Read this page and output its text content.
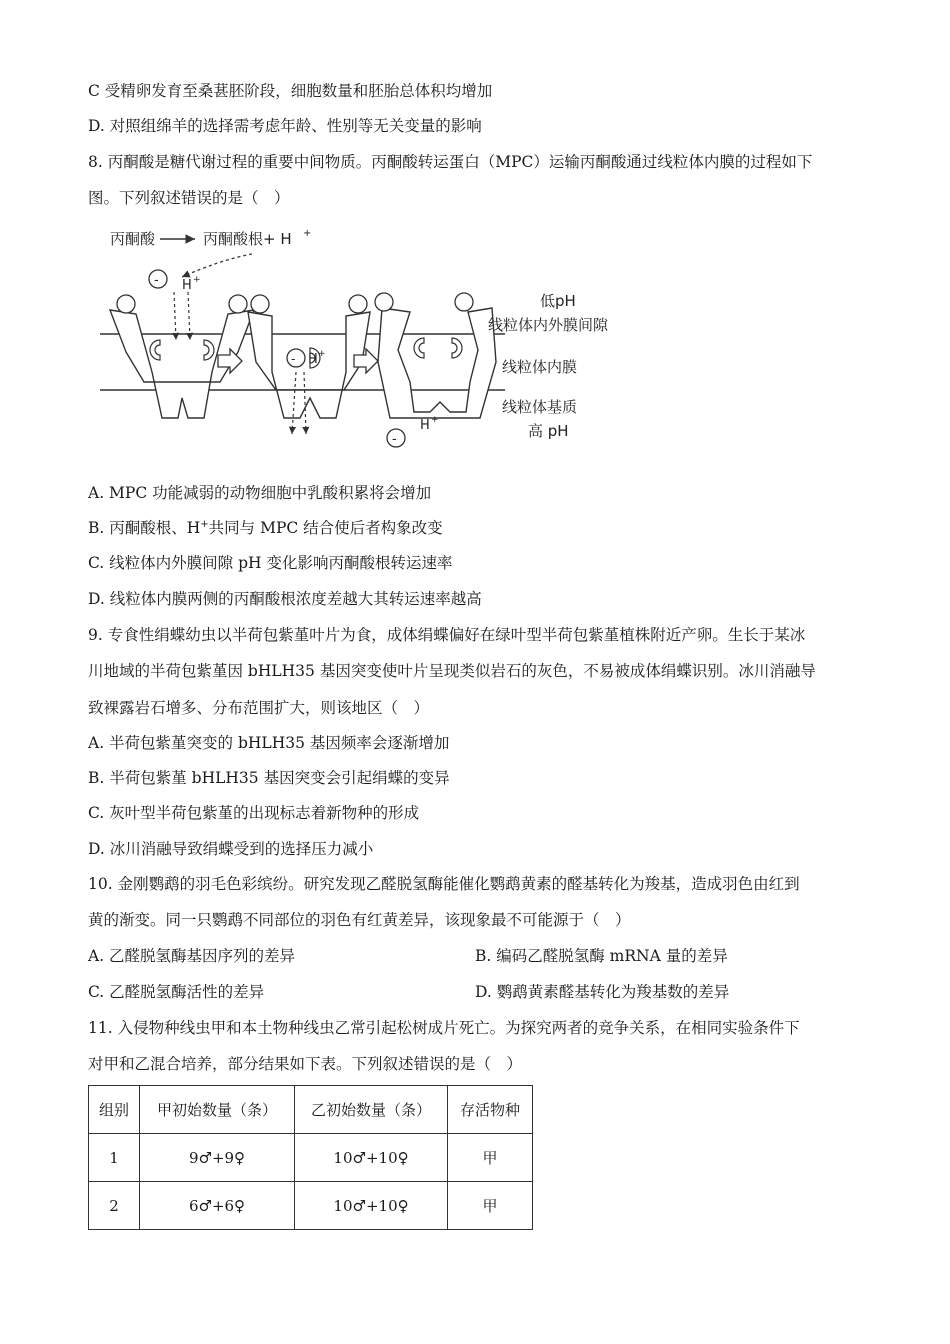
C 受精卵发育至桑葚胚阶段，细胞数量和胚胎总体积均增加
D. 对照组绵羊的选择需考虑年龄、性别等无关变量的影响
8. 丙酮酸是糖代谢过程的重要中间物质。丙酮酸转运蛋白（MPC）运输丙酮酸通过线粒体内膜的过程如下
图。下列叙述错误的是（　）
丙酮酸	丙酮酸根+ H +
- H +
- H +
-
H +
低pH
线粒体内外膜间隙
线粒体内膜
线粒体基质
高 pH
A. MPC 功能减弱的动物细胞中乳酸积累将会增加
B. 丙酮酸根、H+共同与 MPC 结合使后者构象改变
C. 线粒体内外膜间隙 pH 变化影响丙酮酸根转运速率
D. 线粒体内膜两侧的丙酮酸根浓度差越大其转运速率越高
9. 专食性绢蝶幼虫以半荷包紫堇叶片为食，成体绢蝶偏好在绿叶型半荷包紫堇植株附近产卵。生长于某冰
川地域的半荷包紫堇因 bHLH35 基因突变使叶片呈现类似岩石的灰色，不易被成体绢蝶识别。冰川消融导
致裸露岩石增多、分布范围扩大，则该地区（　）
A. 半荷包紫堇突变的 bHLH35 基因频率会逐渐增加
B. 半荷包紫堇 bHLH35 基因突变会引起绢蝶的变异
C. 灰叶型半荷包紫堇的出现标志着新物种的形成
D. 冰川消融导致绢蝶受到的选择压力减小
10. 金刚鹦鹉的羽毛色彩缤纷。研究发现乙醛脱氢酶能催化鹦鹉黄素的醛基转化为羧基，造成羽色由红到
黄的渐变。同一只鹦鹉不同部位的羽色有红黄差异，该现象最不可能源于（　）
A. 乙醛脱氢酶基因序列的差异	B. 编码乙醛脱氢酶 mRNA 量的差异
C. 乙醛脱氢酶活性的差异	D. 鹦鹉黄素醛基转化为羧基数的差异
11. 入侵物种线虫甲和本土物种线虫乙常引起松树成片死亡。为探究两者的竞争关系，在相同实验条件下
对甲和乙混合培养，部分结果如下表。下列叙述错误的是（　）
组别	甲初始数量（条）	乙初始数量（条）	存活物种
1	9♂+9♀	10♂+10♀	甲
2	6♂+6♀	10♂+10♀	甲
